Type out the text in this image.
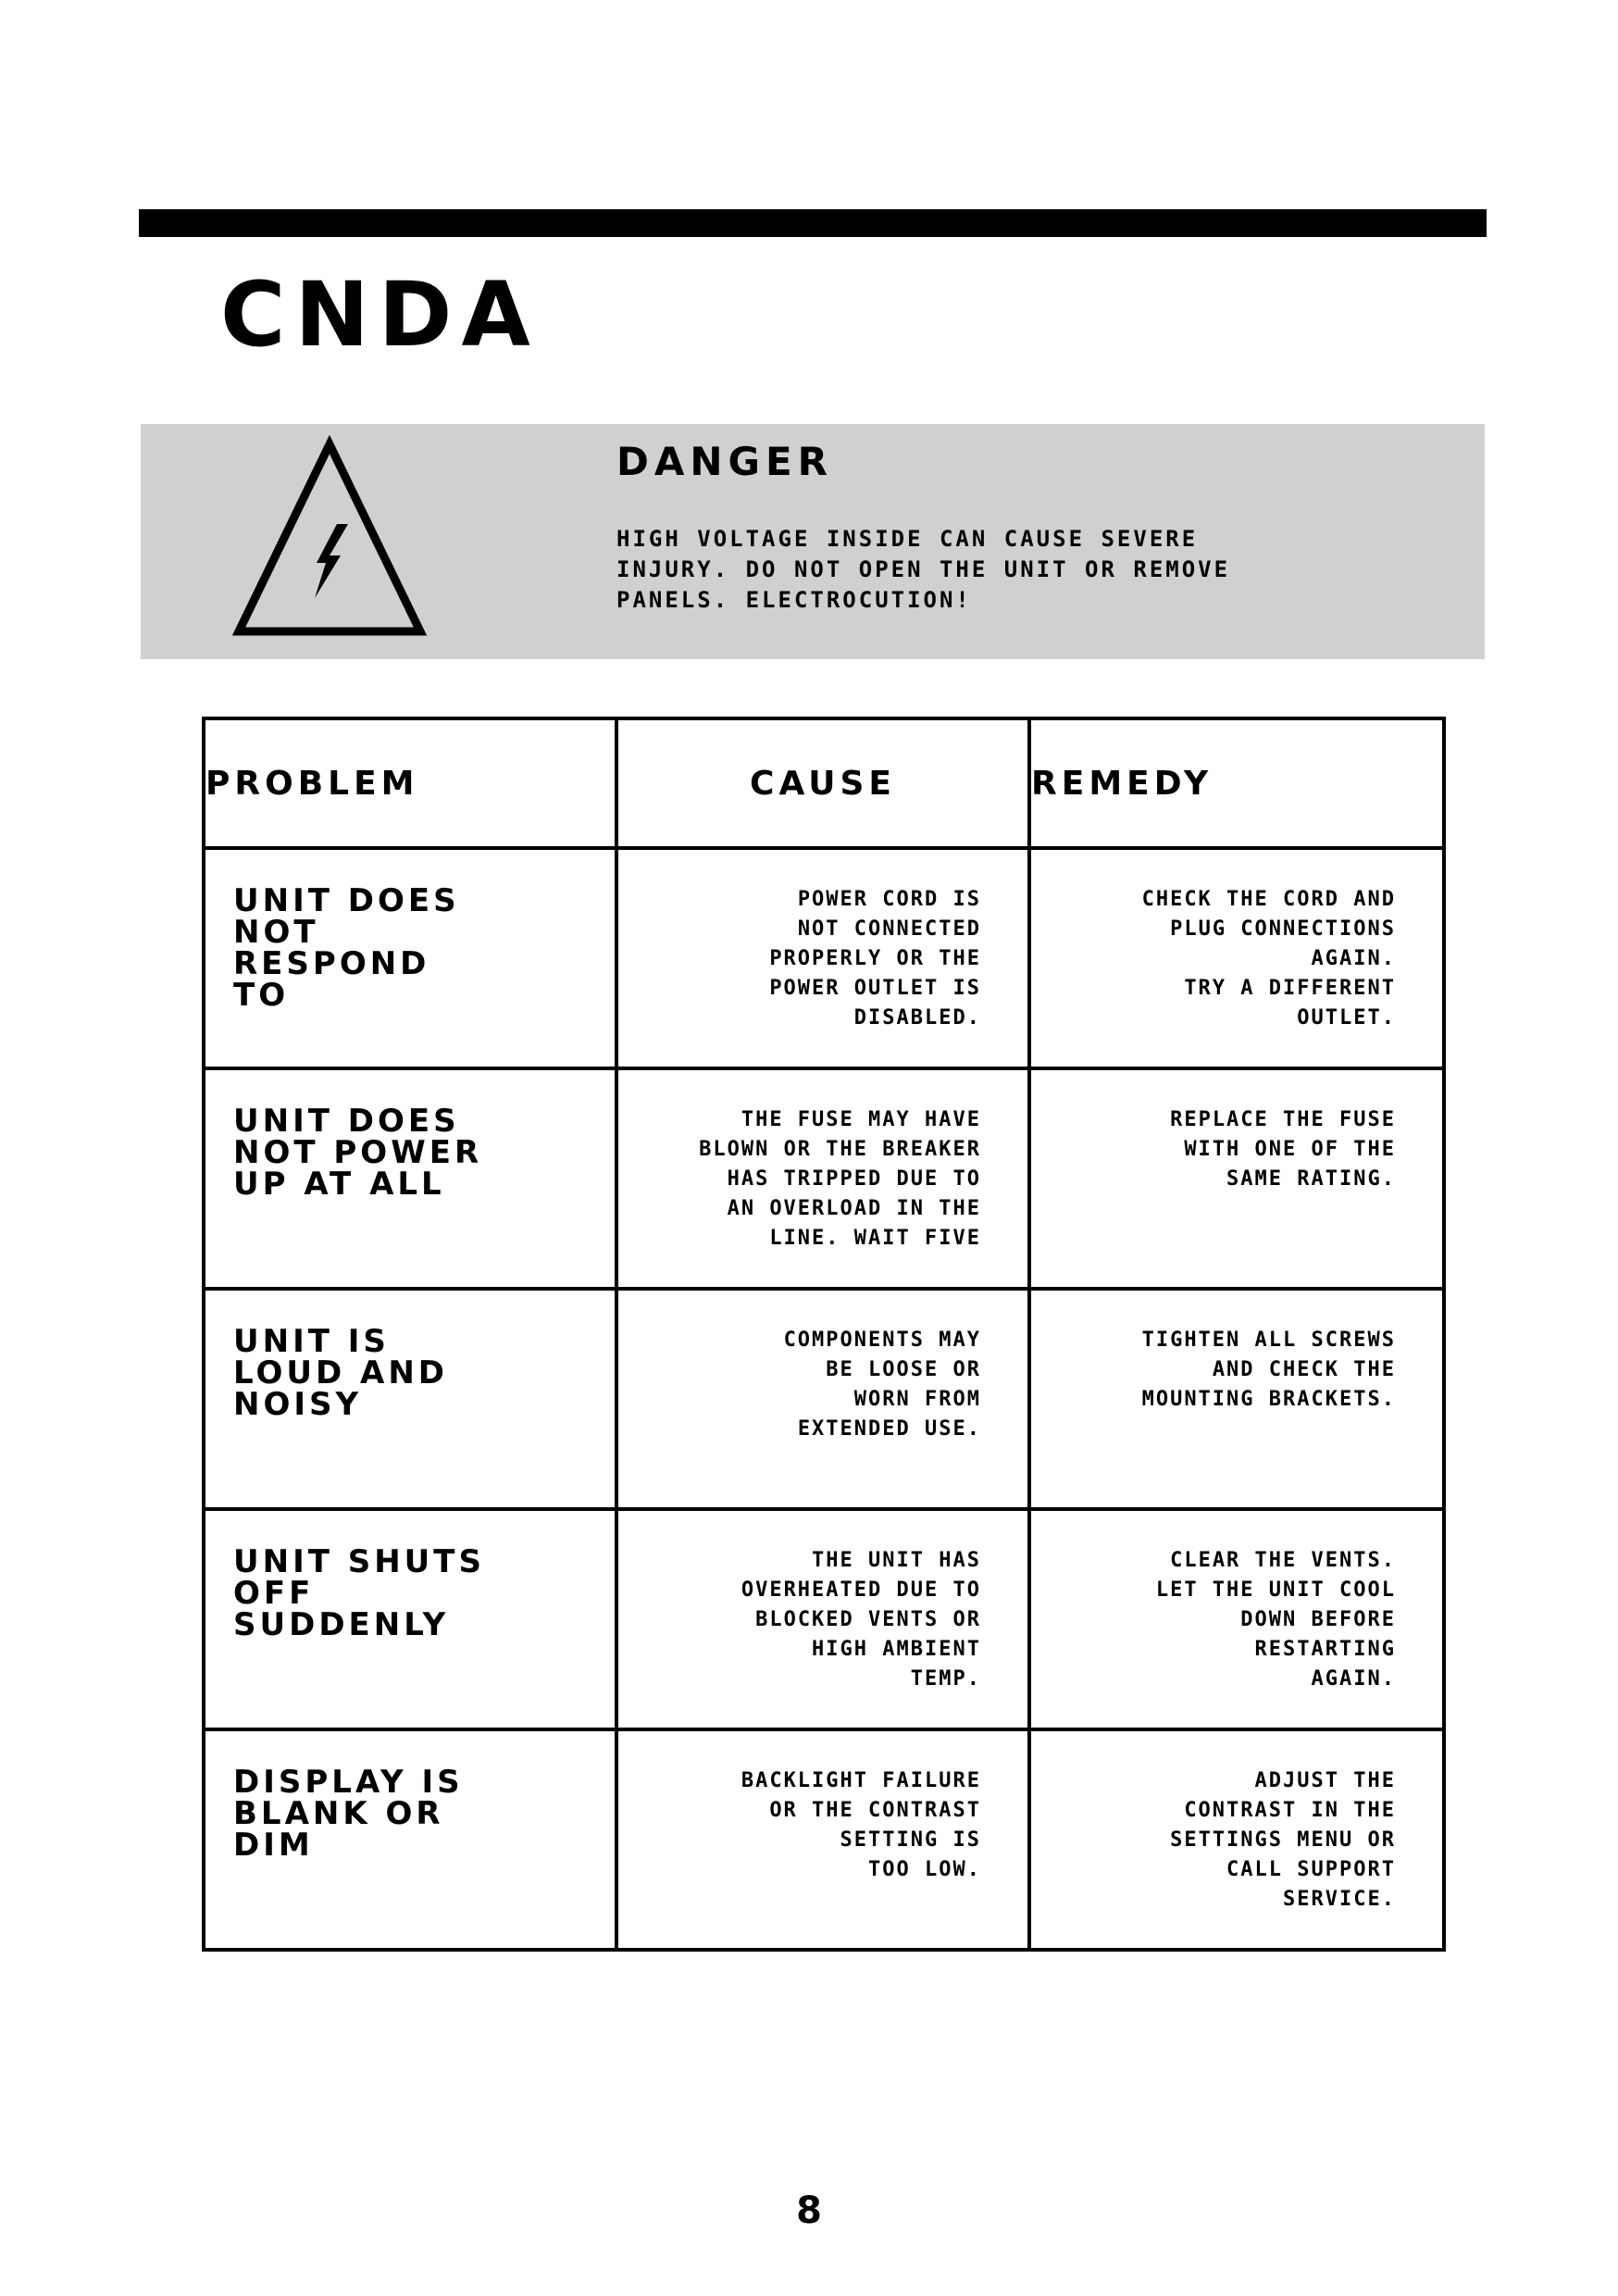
CNDA
DANGER
HIGH VOLTAGE INSIDE CAN CAUSE SEVERE
INJURY. DO NOT OPEN THE UNIT OR REMOVE
PANELS. ELECTROCUTION!
PROBLEM	CAUSE	REMEDY

UNIT DOES
NOT
RESPOND
TO	POWER CORD IS
NOT CONNECTED
PROPERLY OR THE
POWER OUTLET IS
DISABLED.	CHECK THE CORD AND
PLUG CONNECTIONS
AGAIN.
TRY A DIFFERENT
OUTLET.

UNIT DOES
NOT POWER
UP AT ALL	THE FUSE MAY HAVE
BLOWN OR THE BREAKER
HAS TRIPPED DUE TO
AN OVERLOAD IN THE
LINE. WAIT FIVE	REPLACE THE FUSE
WITH ONE OF THE
SAME RATING.

UNIT IS
LOUD AND
NOISY	COMPONENTS MAY
BE LOOSE OR
WORN FROM
EXTENDED USE.	TIGHTEN ALL SCREWS
AND CHECK THE
MOUNTING BRACKETS.

UNIT SHUTS
OFF
SUDDENLY	THE UNIT HAS
OVERHEATED DUE TO
BLOCKED VENTS OR
HIGH AMBIENT
TEMP.	CLEAR THE VENTS.
LET THE UNIT COOL
DOWN BEFORE
RESTARTING
AGAIN.

DISPLAY IS
BLANK OR
DIM	BACKLIGHT FAILURE
OR THE CONTRAST
SETTING IS
TOO LOW.	ADJUST THE
CONTRAST IN THE
SETTINGS MENU OR
CALL SUPPORT
SERVICE.
8
